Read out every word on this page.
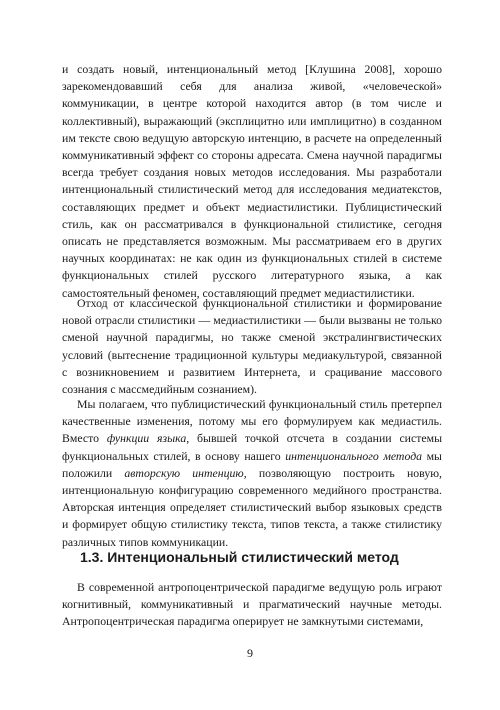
и создать новый, интенциональный метод [Клушина 2008], хорошо зарекомендовавший себя для анализа живой, «человеческой» коммуникации, в центре которой находится автор (в том числе и коллективный), выражающий (эксплицитно или имплицитно) в созданном им тексте свою ведущую авторскую интенцию, в расчете на определенный коммуникативный эффект со стороны адресата. Смена научной парадигмы всегда требует создания новых методов исследования. Мы разработали интенциональный стилистический метод для исследования медиатекстов, составляющих предмет и объект медиастилистики. Публицистический стиль, как он рассматривался в функциональной стилистике, сегодня описать не представляется возможным. Мы рассматриваем его в других научных координатах: не как один из функциональных стилей в системе функциональных стилей русского литературного языка, а как самостоятельный феномен, составляющий предмет медиастилистики.

Отход от классической функциональной стилистики и формирование новой отрасли стилистики — медиастилистики — были вызваны не только сменой научной парадигмы, но также сменой экстралингвистических условий (вытеснение традиционной культуры медиакультурой, связанной с возникновением и развитием Интернета, и срацивание массового сознания с массмедийным сознанием).

Мы полагаем, что публицистический функциональный стиль претерпел качественные изменения, потому мы его формулируем как медиастиль. Вместо функции языка, бывшей точкой отсчета в создании системы функциональных стилей, в основу нашего интенционального метода мы положили авторскую интенцию, позволяющую построить новую, интенциональную конфигурацию современного медийного пространства. Авторская интенция определяет стилистический выбор языковых средств и формирует общую стилистику текста, типов текста, а также стилистику различных типов коммуникации.

1.3. Интенциональный стилистический метод

В современной антропоцентрической парадигме ведущую роль играют когнитивный, коммуникативный и прагматический научные методы. Антропоцентрическая парадигма оперирует не замкнутыми системами,

9
